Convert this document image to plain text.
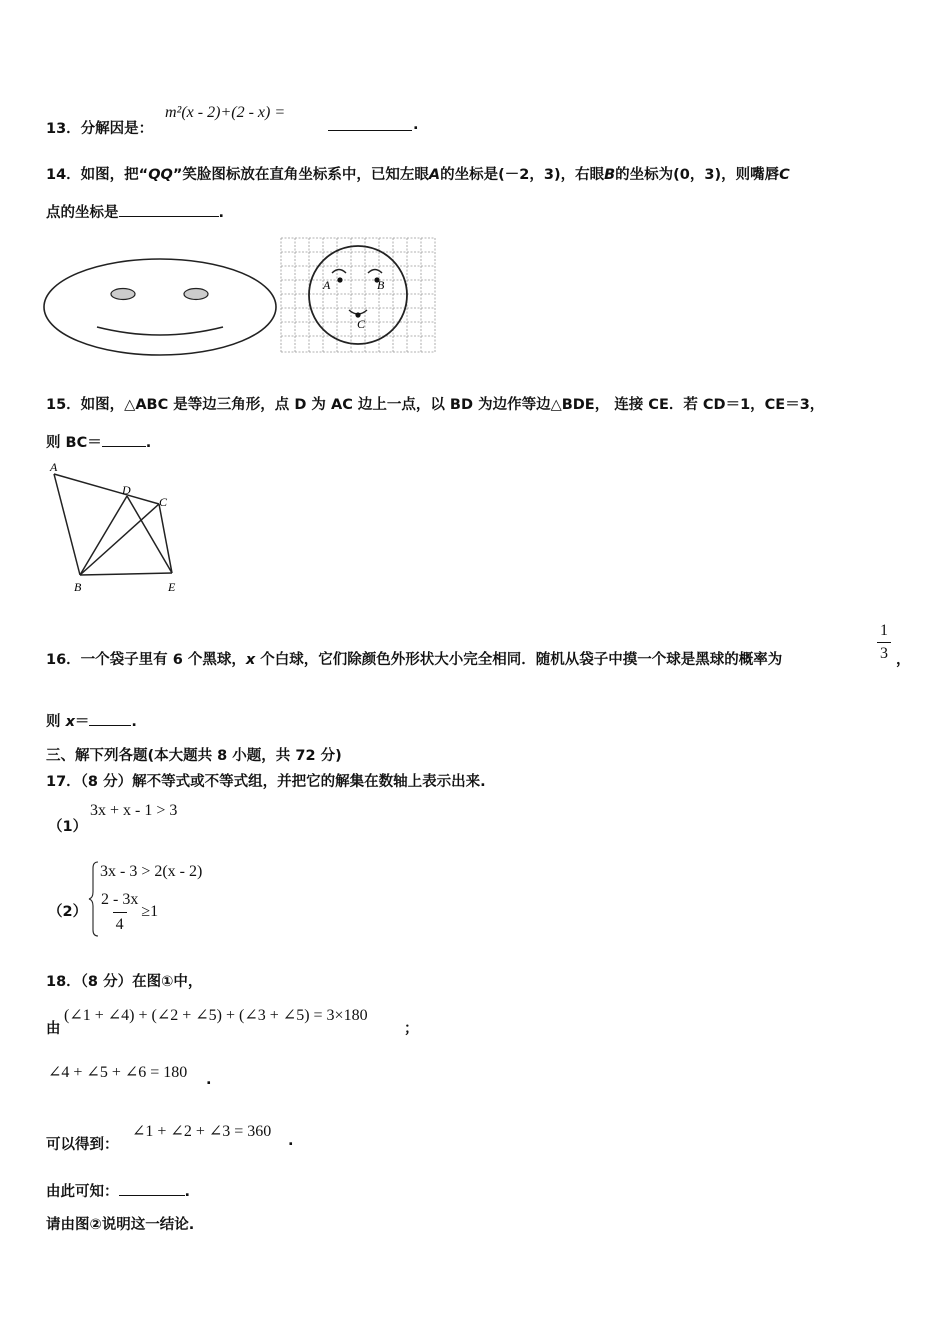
13．分解因是：
m²(x - 2)+(2 - x) =
.
14．如图，把“QQ”笑脸图标放在直角坐标系中，已知左眼A的坐标是(－2，3)，右眼B的坐标为(0，3)，则嘴唇C
点的坐标是	.
A	B
C
15．如图，△ABC 是等边三角形，点 D 为 AC 边上一点，以 BD 为边作等边△BDE， 连接 CE．若 CD＝1，CE＝3，
则 BC＝	.
A
D
C
B	E
16．一个袋子里有 6 个黑球，x 个白球，它们除颜色外形状大小完全相同．随机从袋子中摸一个球是黑球的概率为	$\frac{1}{3}$ ，
则 x＝	.
三、解下列各题(本大题共 8 小题，共 72 分)
17．（8 分）解不等式或不等式组，并把它的解集在数轴上表示出来.
（1）
3x + x - 1 > 3
（2）
3x - 3 > 2(x - 2)
$\frac{2 - 3x}{4} \ge 1$
18．（8 分）在图①中，
由
(∠1 + ∠4) + (∠2 + ∠5) + (∠3 + ∠5) = 3×180
；
∠4 + ∠5 + ∠6 = 180 .
可以得到：
∠1 + ∠2 + ∠3 = 360
.
由此可知：	.
请由图②说明这一结论.
